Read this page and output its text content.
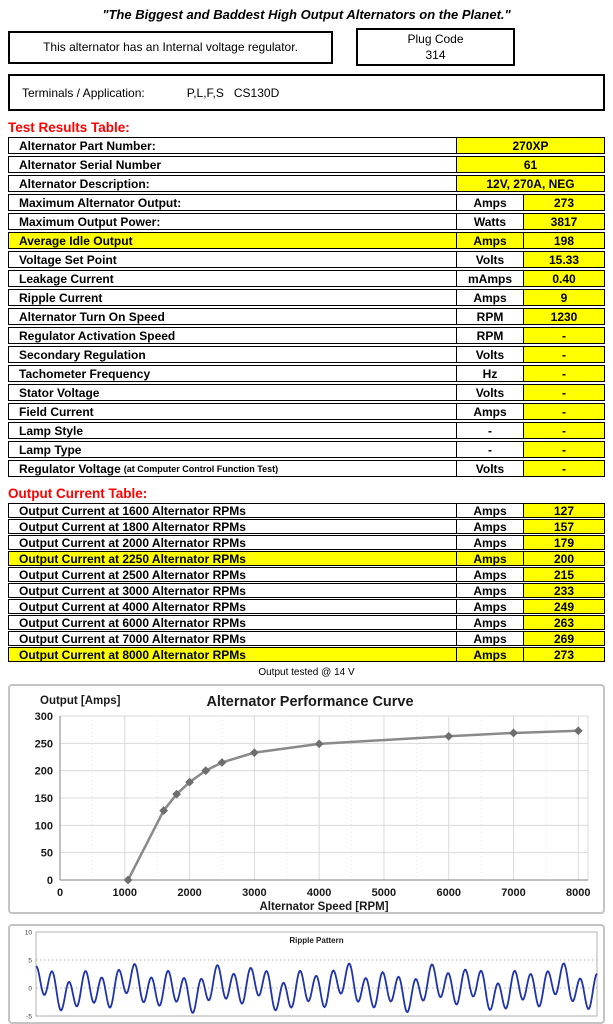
"The Biggest and Baddest High Output Alternators on the Planet."
This alternator has an Internal voltage regulator.
Plug Code
314
Terminals / Application:	P,L,F,S   CS130D
Test Results Table:
Alternator Part Number:	270XP
Alternator Serial Number	61
Alternator Description:	12V, 270A, NEG
Maximum Alternator Output:	Amps	273
Maximum Output Power:	Watts	3817
Average Idle Output	Amps	198
Voltage Set Point	Volts	15.33
Leakage Current	mAmps	0.40
Ripple Current	Amps	9
Alternator Turn On Speed	RPM	1230
Regulator Activation Speed	RPM	-
Secondary Regulation	Volts	-
Tachometer Frequency	Hz	-
Stator Voltage	Volts	-
Field Current	Amps	-
Lamp Style	-	-
Lamp Type	-	-
Regulator Voltage (at Computer Control Function Test)	Volts	-
Output Current Table:
Output Current at 1600 Alternator RPMs	Amps	127
Output Current at 1800 Alternator RPMs	Amps	157
Output Current at 2000 Alternator RPMs	Amps	179
Output Current at 2250 Alternator RPMs	Amps	200
Output Current at 2500 Alternator RPMs	Amps	215
Output Current at 3000 Alternator RPMs	Amps	233
Output Current at 4000 Alternator RPMs	Amps	249
Output Current at 6000 Alternator RPMs	Amps	263
Output Current at 7000 Alternator RPMs	Amps	269
Output Current at 8000 Alternator RPMs	Amps	273
Output tested @ 14 V
0
50
100
150
200
250
300
0	1000	2000	3000	4000	5000	6000	7000	8000
Alternator Performance Curve
Output [Amps]
Alternator Speed [RPM]
10
5
0
-5
Ripple Pattern
